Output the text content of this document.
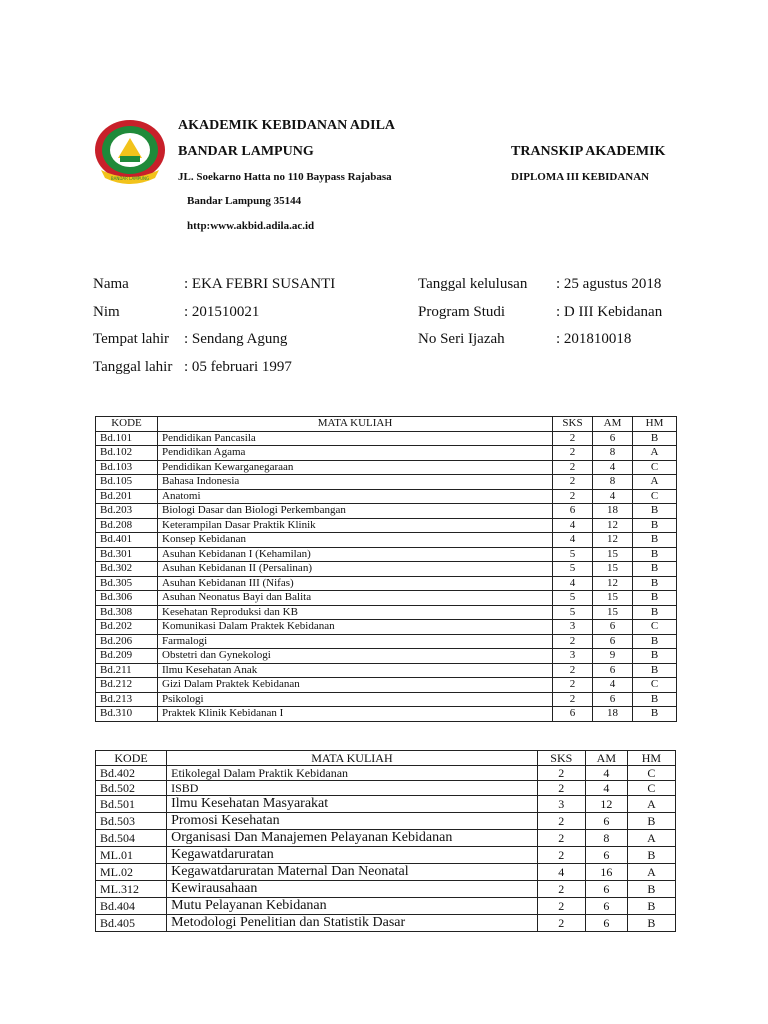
BANDAR LAMPUNG
AKADEMIK KEBIDANAN ADILA
BANDAR LAMPUNG
JL. Soekarno Hatta no 110 Baypass Rajabasa
Bandar Lampung 35144
http:www.akbid.adila.ac.id
TRANSKIP AKADEMIK
DIPLOMA III KEBIDANAN
Nama	: EKA FEBRI SUSANTI
Nim	: 201510021
Tempat lahir : Sendang Agung
Tanggal lahir : 05 februari 1997
Tanggal kelulusan : 25 agustus 2018
Program Studi	: D III Kebidanan
No Seri Ijazah	: 201810018
KODE	MATA KULIAH	SKS	AM	HM
Bd.101	Pendidikan Pancasila	2	6	B
Bd.102	Pendidikan Agama	2	8	A
Bd.103	Pendidikan Kewarganegaraan	2	4	C
Bd.105	Bahasa Indonesia	2	8	A
Bd.201	Anatomi	2	4	C
Bd.203	Biologi Dasar dan Biologi Perkembangan	6	18	B
Bd.208	Keterampilan Dasar Praktik Klinik	4	12	B
Bd.401	Konsep Kebidanan	4	12	B
Bd.301	Asuhan Kebidanan I (Kehamilan)	5	15	B
Bd.302	Asuhan Kebidanan II (Persalinan)	5	15	B
Bd.305	Asuhan Kebidanan III (Nifas)	4	12	B
Bd.306	Asuhan Neonatus Bayi dan Balita	5	15	B
Bd.308	Kesehatan Reproduksi dan KB	5	15	B
Bd.202	Komunikasi Dalam Praktek Kebidanan	3	6	C
Bd.206	Farmalogi	2	6	B
Bd.209	Obstetri dan Gynekologi	3	9	B
Bd.211	Ilmu Kesehatan Anak	2	6	B
Bd.212	Gizi Dalam Praktek Kebidanan	2	4	C
Bd.213	Psikologi	2	6	B
Bd.310	Praktek Klinik Kebidanan I	6	18	B
KODE	MATA KULIAH	SKS	AM	HM
Bd.402	Etikolegal Dalam Praktik Kebidanan	2	4	C
Bd.502	ISBD	2	4	C
Bd.501	Ilmu Kesehatan Masyarakat	3	12	A
Bd.503	Promosi Kesehatan	2	6	B
Bd.504	Organisasi Dan Manajemen Pelayanan Kebidanan	2	8	A
ML.01	Kegawatdaruratan	2	6	B
ML.02	Kegawatdaruratan Maternal Dan Neonatal	4	16	A
ML.312	Kewirausahaan	2	6	B
Bd.404	Mutu Pelayanan Kebidanan	2	6	B
Bd.405	Metodologi Penelitian dan Statistik Dasar	2	6	B
